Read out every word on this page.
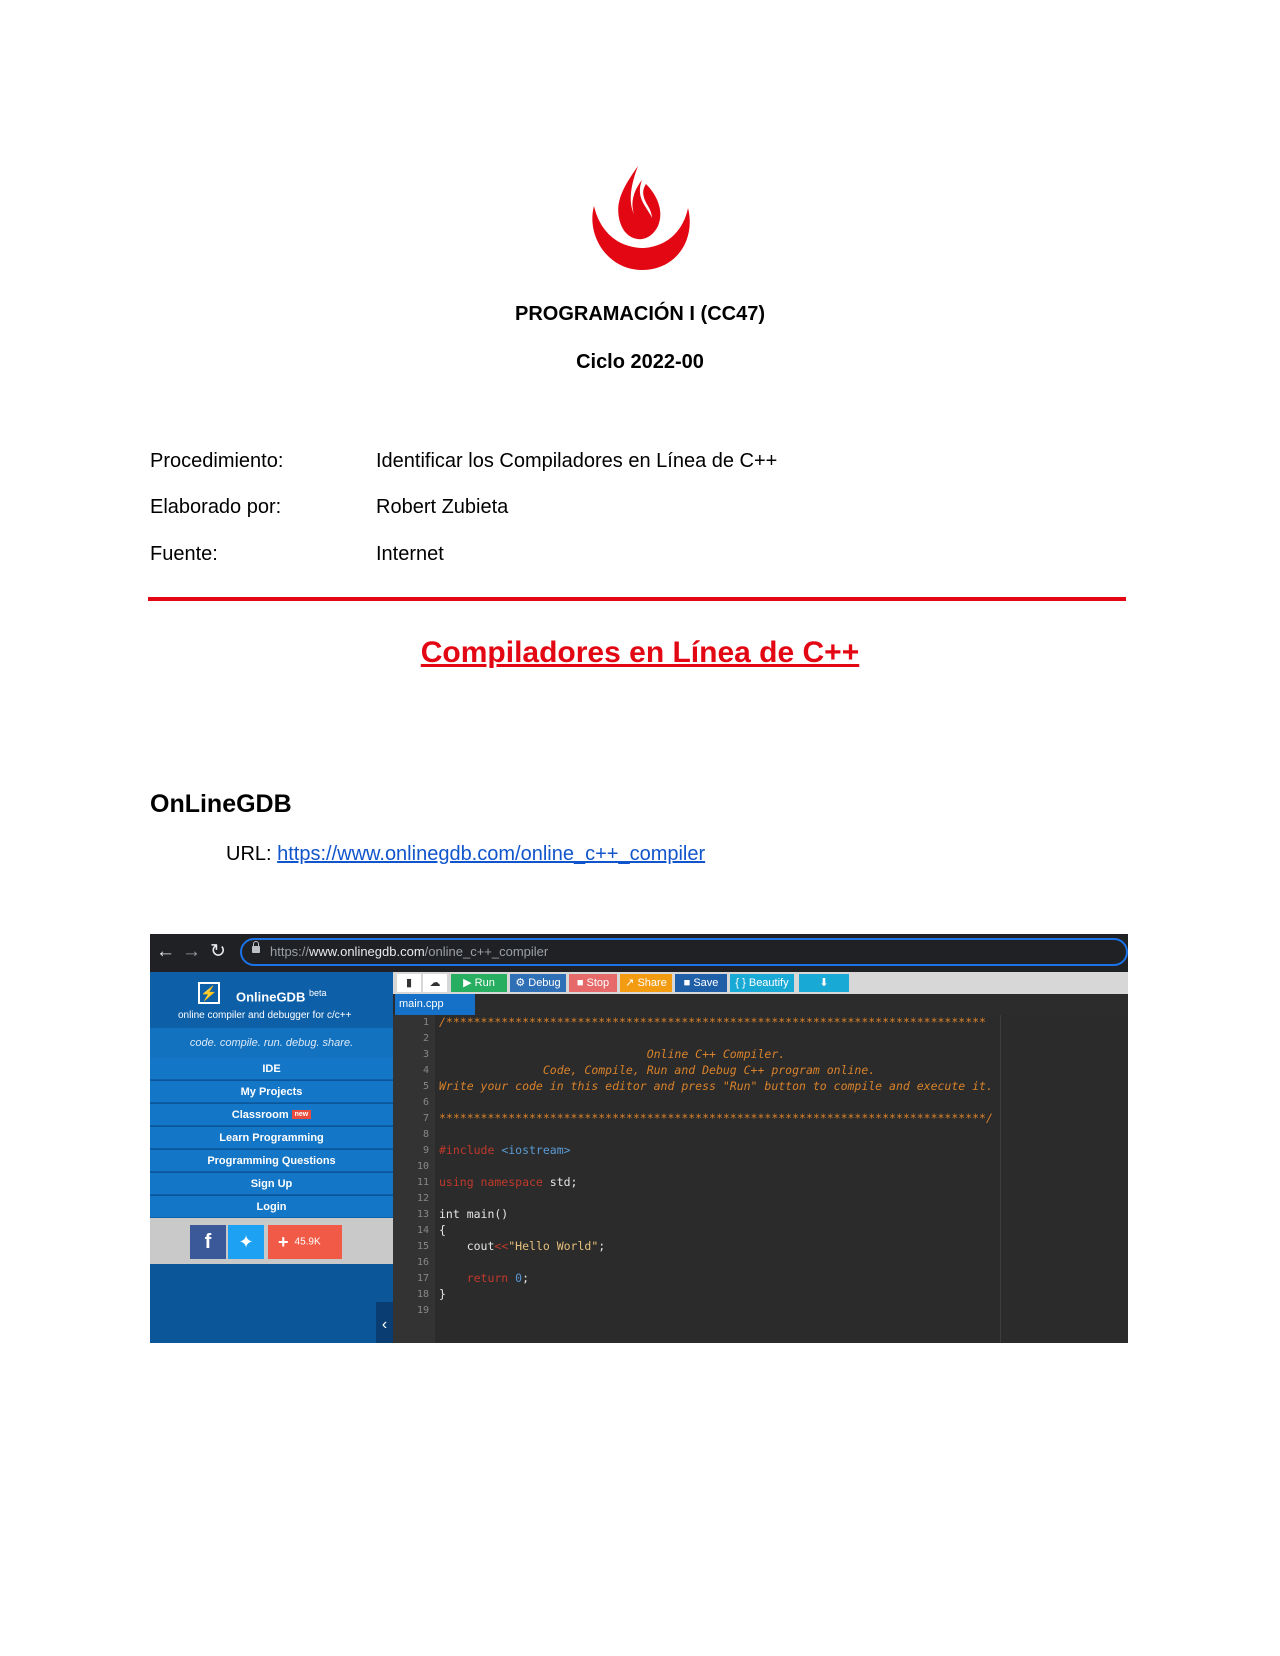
PROGRAMACIÓN I (CC47)
Ciclo 2022-00
Procedimiento:	Identificar los Compiladores en Línea de C++
Elaborado por:	Robert Zubieta
Fuente:	Internet
Compiladores en Línea de C++
OnLineGDB
URL: https://www.onlinegdb.com/online_c++_compiler
← → ↻	https://www.onlinegdb.com/online_c++_compiler
⚡ OnlineGDB $^{beta}$
online compiler and debugger for c/c++
code. compile. run. debug. share.
IDE
My Projects
Classroom new
Learn Programming
Programming Questions
Sign Up
Login
f	✦	+ 45.9K
‹
▮	☁	▶ Run	⚙ Debug	■ Stop	↗ Share	■ Save	{ } Beautify	⬇
main.cpp
1
2
3
4
5
6
7
8
9
10
11
12
13
14
15
16
17
18
19
/******************************************************************************
Online C++ Compiler.
Code, Compile, Run and Debug C++ program online.
Write your code in this editor and press "Run" button to compile and execute it.
*******************************************************************************/
#include <iostream>
using namespace std;
int main()
{
cout<<"Hello World";
return 0;
}
